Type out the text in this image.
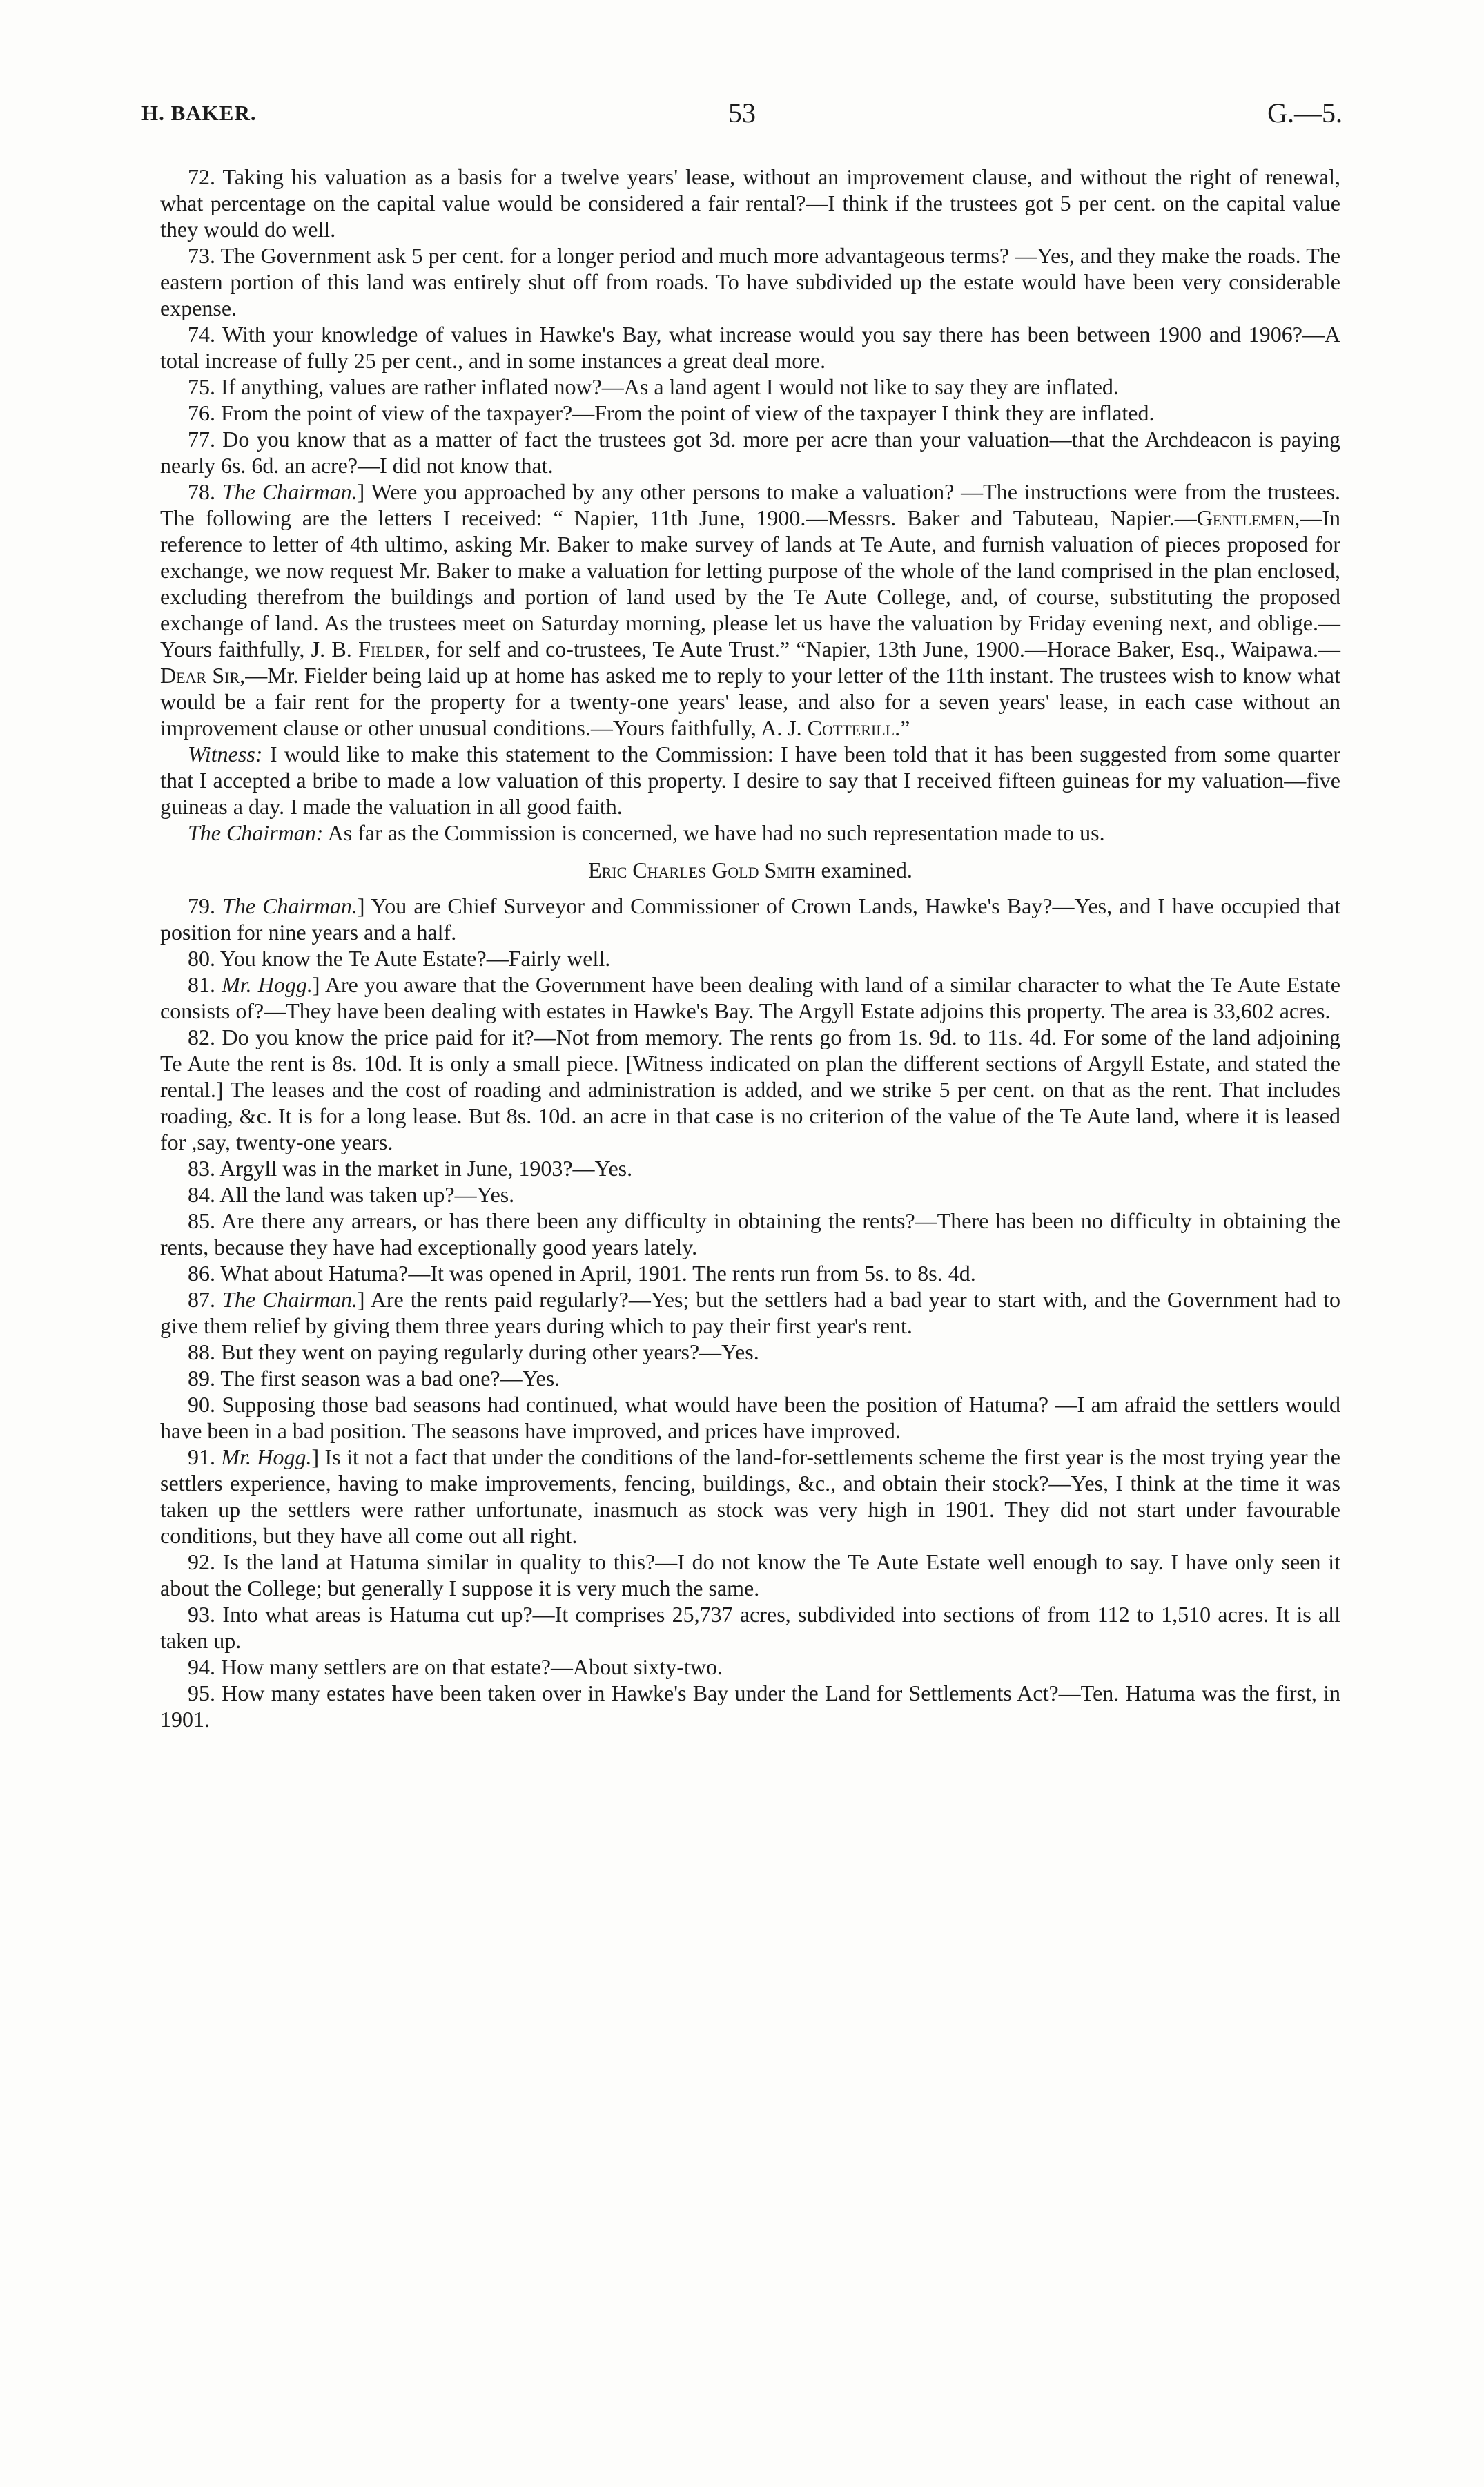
H. BAKER.	53	G.—5.

72. Taking his valuation as a basis for a twelve years' lease, without an improvement clause, and without the right of renewal, what percentage on the capital value would be considered a fair rental?—I think if the trustees got 5 per cent. on the capital value they would do well.

73. The Government ask 5 per cent. for a longer period and much more advantageous terms? —Yes, and they make the roads. The eastern portion of this land was entirely shut off from roads. To have subdivided up the estate would have been very considerable expense.

74. With your knowledge of values in Hawke's Bay, what increase would you say there has been between 1900 and 1906?—A total increase of fully 25 per cent., and in some instances a great deal more.

75. If anything, values are rather inflated now?—As a land agent I would not like to say they are inflated.

76. From the point of view of the taxpayer?—From the point of view of the taxpayer I think they are inflated.

77. Do you know that as a matter of fact the trustees got 3d. more per acre than your valuation—that the Archdeacon is paying nearly 6s. 6d. an acre?—I did not know that.

78. The Chairman.] Were you approached by any other persons to make a valuation? —The instructions were from the trustees. The following are the letters I received: “ Napier, 11th June, 1900.—Messrs. Baker and Tabuteau, Napier.—Gentlemen,—In reference to letter of 4th ultimo, asking Mr. Baker to make survey of lands at Te Aute, and furnish valuation of pieces proposed for exchange, we now request Mr. Baker to make a valuation for letting purpose of the whole of the land comprised in the plan enclosed, excluding therefrom the buildings and portion of land used by the Te Aute College, and, of course, substituting the proposed exchange of land. As the trustees meet on Saturday morning, please let us have the valuation by Friday evening next, and oblige.—Yours faithfully, J. B. Fielder, for self and co-trustees, Te Aute Trust.” “Napier, 13th June, 1900.—Horace Baker, Esq., Waipawa.—Dear Sir,—Mr. Fielder being laid up at home has asked me to reply to your letter of the 11th instant. The trustees wish to know what would be a fair rent for the property for a twenty-one years' lease, and also for a seven years' lease, in each case without an improvement clause or other unusual conditions.—Yours faithfully, A. J. Cotterill.”

Witness: I would like to make this statement to the Commission: I have been told that it has been suggested from some quarter that I accepted a bribe to made a low valuation of this property. I desire to say that I received fifteen guineas for my valuation—five guineas a day. I made the valuation in all good faith.

The Chairman: As far as the Commission is concerned, we have had no such representation made to us.

Eric Charles Gold Smith examined.

79. The Chairman.] You are Chief Surveyor and Commissioner of Crown Lands, Hawke's Bay?—Yes, and I have occupied that position for nine years and a half.

80. You know the Te Aute Estate?—Fairly well.

81. Mr. Hogg.] Are you aware that the Government have been dealing with land of a similar character to what the Te Aute Estate consists of?—They have been dealing with estates in Hawke's Bay. The Argyll Estate adjoins this property. The area is 33,602 acres.

82. Do you know the price paid for it?—Not from memory. The rents go from 1s. 9d. to 11s. 4d. For some of the land adjoining Te Aute the rent is 8s. 10d. It is only a small piece. [Witness indicated on plan the different sections of Argyll Estate, and stated the rental.] The leases and the cost of roading and administration is added, and we strike 5 per cent. on that as the rent. That includes roading, &c. It is for a long lease. But 8s. 10d. an acre in that case is no criterion of the value of the Te Aute land, where it is leased for ,say, twenty-one years.

83. Argyll was in the market in June, 1903?—Yes.

84. All the land was taken up?—Yes.

85. Are there any arrears, or has there been any difficulty in obtaining the rents?—There has been no difficulty in obtaining the rents, because they have had exceptionally good years lately.

86. What about Hatuma?—It was opened in April, 1901. The rents run from 5s. to 8s. 4d.

87. The Chairman.] Are the rents paid regularly?—Yes; but the settlers had a bad year to start with, and the Government had to give them relief by giving them three years during which to pay their first year's rent.

88. But they went on paying regularly during other years?—Yes.

89. The first season was a bad one?—Yes.

90. Supposing those bad seasons had continued, what would have been the position of Hatuma? —I am afraid the settlers would have been in a bad position. The seasons have improved, and prices have improved.

91. Mr. Hogg.] Is it not a fact that under the conditions of the land-for-settlements scheme the first year is the most trying year the settlers experience, having to make improvements, fencing, buildings, &c., and obtain their stock?—Yes, I think at the time it was taken up the settlers were rather unfortunate, inasmuch as stock was very high in 1901. They did not start under favourable conditions, but they have all come out all right.

92. Is the land at Hatuma similar in quality to this?—I do not know the Te Aute Estate well enough to say. I have only seen it about the College; but generally I suppose it is very much the same.

93. Into what areas is Hatuma cut up?—It comprises 25,737 acres, subdivided into sections of from 112 to 1,510 acres. It is all taken up.

94. How many settlers are on that estate?—About sixty-two.

95. How many estates have been taken over in Hawke's Bay under the Land for Settlements Act?—Ten. Hatuma was the first, in 1901.
